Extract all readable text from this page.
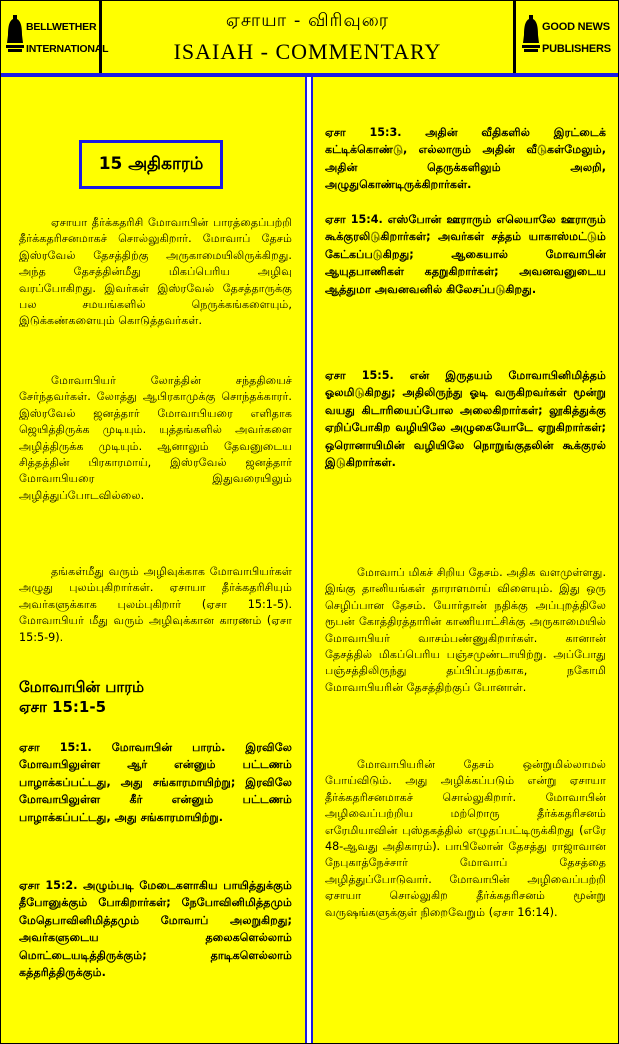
BELLWETHER
INTERNATIONAL
ஏசாயா - விரிவுரை
ISAIAH - COMMENTARY
GOOD NEWS
PUBLISHERS
15 அதிகாரம்

ஏசாயா தீர்க்கதரிசி மோவாபின் பாரத்தைப்பற்றி தீர்க்கதரிசனமாகச் சொல்லுகிறார். மோவாப் தேசம் இஸ்ரவேல் தேசத்திற்கு அருகாமையிலிருக்கிறது. அந்த தேசத்தின்மீது மிகப்பெரிய அழிவு வரப்போகிறது. இவர்கள் இஸ்ரவேல் தேசத்தாருக்கு பல சமயங்களில் நெருக்கங்களையும், இடுக்கண்களையும் கொடுத்தவர்கள்.

மோவாபியர் லோத்தின் சந்ததியைச் சேர்ந்தவர்கள். லோத்து ஆபிரகாமுக்கு சொந்தக்காரர். இஸ்ரவேல் ஜனத்தார் மோவாபியரை எளிதாக ஜெயித்திருக்க முடியும். யுத்தங்களில் அவர்களை அழித்திருக்க முடியும். ஆனாலும் தேவனுடைய சித்தத்தின் பிரகாரமாய், இஸ்ரவேல் ஜனத்தார் மோவாபியரை இதுவரையிலும் அழித்துப்போடவில்லை.

தங்கள்மீது வரும் அழிவுக்காக மோவாபியர்கள் அழுது புலம்புகிறார்கள். ஏசாயா தீர்க்கதரிசியும் அவர்களுக்காக புலம்புகிறார் (ஏசா 15:1-5). மோவாபியர் மீது வரும் அழிவுக்கான காரணம் (ஏசா 15:5-9).

மோவாபின் பாரம்
ஏசா 15:1-5

ஏசா 15:1. மோவாபின் பாரம். இரவிலே மோவாபிலுள்ள ஆர் என்னும் பட்டணம் பாழாக்கப்பட்டது, அது சங்காரமாயிற்று; இரவிலே மோவாபிலுள்ள கீர் என்னும் பட்டணம் பாழாக்கப்பட்டது, அது சங்காரமாயிற்று.

ஏசா 15:2. அழும்படி மேடைகளாகிய பாயித்துக்கும் தீபோனுக்கும் போகிறார்கள்; நேபோவினிமித்தமும் மேதெபாவினிமித்தமும் மோவாப் அலறுகிறது; அவர்களுடைய தலைகளெல்லாம் மொட்டையடித்திருக்கும்; தாடிகளெல்லாம் கத்தரித்திருக்கும்.

ஏசா 15:3. அதின் வீதிகளில் இரட்டைக் கட்டிக்கொண்டு, எல்லாரும் அதின் வீடுகள்மேலும், அதின் தெருக்களிலும் அலறி, அழுதுகொண்டிருக்கிறார்கள்.

ஏசா 15:4. எஸ்போன் ஊராரும் எலெயாலே ஊராரும் கூக்குரலிடுகிறார்கள்; அவர்கள் சத்தம் யாகாஸ்மட்டும் கேட்கப்படுகிறது; ஆகையால் மோவாபின் ஆயுதபாணிகள் கதறுகிறார்கள்; அவனவனுடைய ஆத்துமா அவனவனில் கிலேசப்படுகிறது.

ஏசா 15:5. என் இருதயம் மோவாபினிமித்தம் ஓலமிடுகிறது; அதிலிருந்து ஓடி வருகிறவர்கள் மூன்று வயது கிடாரியைப்போல அலைகிறார்கள்; லூகித்துக்கு ஏறிப்போகிற வழியிலே அழுகையோடே ஏறுகிறார்கள்; ஒரொனாயிமின் வழியிலே நொறுங்குதலின் கூக்குரல் இடுகிறார்கள்.

மோவாப் மிகச் சிறிய தேசம். அதிக வளமுள்ளது. இங்கு தானியங்கள் தாராளமாய் விளையும். இது ஒரு செழிப்பான தேசம். யோர்தான் நதிக்கு அப்புறத்திலே ரூபன் கோத்திரத்தாரின் காணியாட்சிக்கு அருகாமையில் மோவாபியர் வாசம்பண்ணுகிறார்கள். கானான் தேசத்தில் மிகப்பெரிய பஞ்சமுண்டாயிற்று. அப்போது பஞ்சத்திலிருந்து தப்பிப்பதற்காக, நகோமி மோவாபியரின் தேசத்திற்குப் போனாள்.

மோவாபியரின் தேசம் ஒன்றுமில்லாமல் போய்விடும். அது அழிக்கப்படும் என்று ஏசாயா தீர்க்கதரிசனமாகச் சொல்லுகிறார். மோவாபின் அழிவைப்பற்றிய மற்றொரு தீர்க்கதரிசனம் எரேமியாவின் புஸ்தகத்தில் எழுதப்பட்டிருக்கிறது (எரே 48-ஆவது அதிகாரம்). பாபிலோன் தேசத்து ராஜாவான நேபுகாத்நேச்சார் மோவாப் தேசத்தை அழித்துப்போடுவார். மோவாபின் அழிவைப்பற்றி ஏசாயா சொல்லுகிற தீர்க்கதரிசனம் மூன்று வருஷங்களுக்குள் நிறைவேறும் (ஏசா 16:14).
